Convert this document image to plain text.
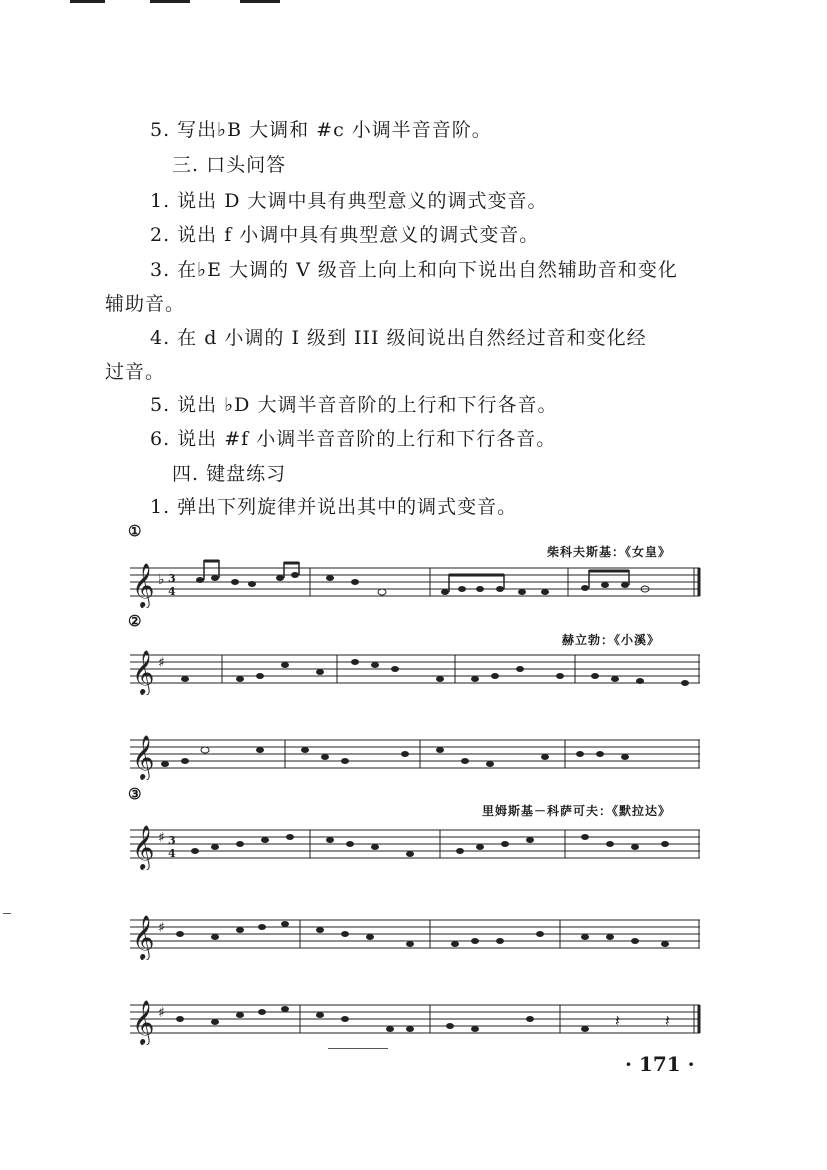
5. 写出♭B 大调和 #c 小调半音音阶。
三. 口头问答
1. 说出 D 大调中具有典型意义的调式变音。
2. 说出 f 小调中具有典型意义的调式变音。
3. 在♭E 大调的 V 级音上向上和向下说出自然辅助音和变化
辅助音。
4. 在 d 小调的 I 级到 III 级间说出自然经过音和变化经
过音。
5. 说出 ♭D 大调半音音阶的上行和下行各音。
6. 说出 #f 小调半音音阶的上行和下行各音。
四. 键盘练习
1. 弹出下列旋律并说出其中的调式变音。
①
柴科夫斯基：《女皇》
②
赫立勃：《小溪》
③
里姆斯基－科萨可夫：《默拉达》
𝄞 ♭ 3
4
𝄞 ♯
𝄞
𝄞 ♯ 3
4
𝄞 ♯
𝄞 ♯	𝄽	𝄽
· 171 ·
